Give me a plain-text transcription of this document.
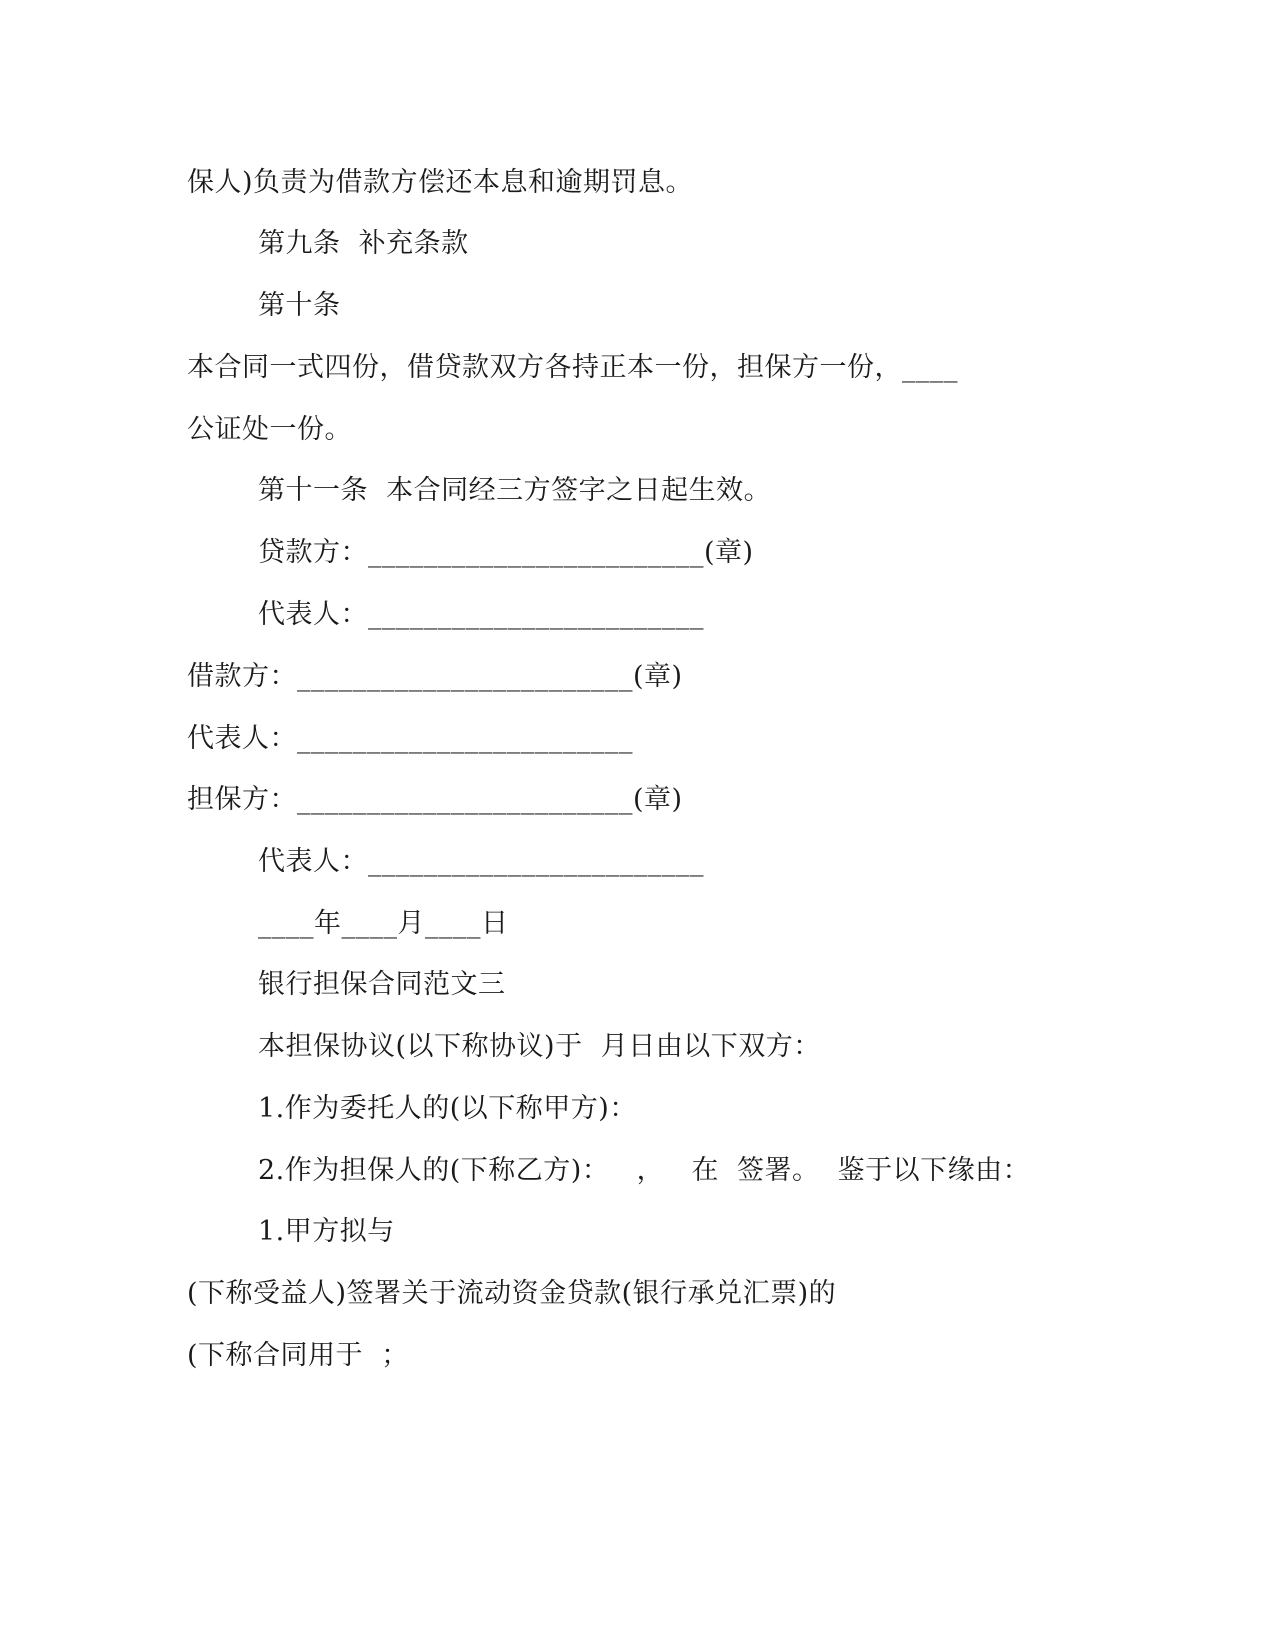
保人)负责为借款方偿还本息和逾期罚息。
第九条  补充条款
第十条
本合同一式四份，借贷款双方各持正本一份，担保方一份，____
公证处一份。
第十一条  本合同经三方签字之日起生效。
贷款方：________________________(章)
代表人：________________________
借款方：________________________(章)
代表人：________________________
担保方：________________________(章)
代表人：________________________
____年____月____日
银行担保合同范文三
本担保协议(以下称协议)于  月日由以下双方：
1.作为委托人的(以下称甲方)：
2.作为担保人的(下称乙方)：   ，   在  签署。  鉴于以下缘由：
1.甲方拟与
(下称受益人)签署关于流动资金贷款(银行承兑汇票)的
(下称合同用于  ；
